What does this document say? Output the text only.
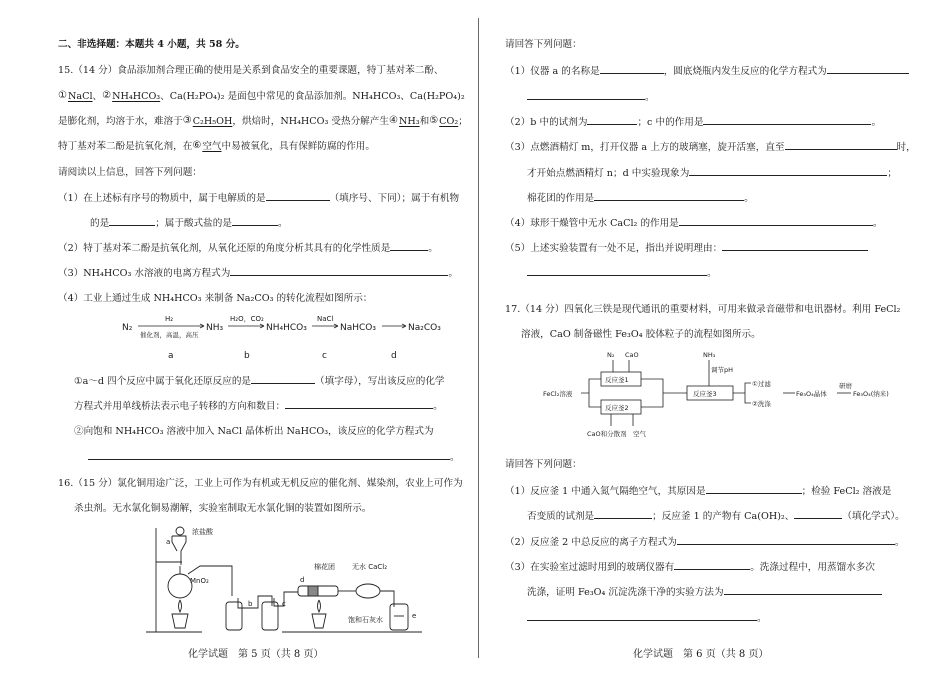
二、非选择题：本题共 4 小题，共 58 分。
15.（14 分）食品添加剂合理正确的使用是关系到食品安全的重要课题，特丁基对苯二酚、
①NaCl、②NH₄HCO₃、Ca(H₂PO₄)₂ 是面包中常见的食品添加剂。NH₄HCO₃、Ca(H₂PO₄)₂
是膨化剂，均溶于水，难溶于③C₂H₅OH，烘焙时，NH₄HCO₃ 受热分解产生④NH₃和⑤CO₂；
特丁基对苯二酚是抗氧化剂，在⑥空气中易被氧化，具有保鲜防腐的作用。
请阅读以上信息，回答下列问题：
（1）在上述标有序号的物质中，属于电解质的是	（填序号、下同）；属于有机物
的是	；属于酸式盐的是	。
（2）特丁基对苯二酚是抗氧化剂，从氧化还原的角度分析其具有的化学性质是	。
（3）NH₄HCO₃ 水溶液的电离方程式为	。
（4）工业上通过生成 NH₄HCO₃ 来制备 Na₂CO₃ 的转化流程如图所示：
N₂
H₂
催化剂，高温，高压
NH₃
H₂O，CO₂
NH₄HCO₃
NaCl
NaHCO₃	Na₂CO₃
a	b	c	d
①a～d 四个反应中属于氧化还原反应的是	（填字母），写出该反应的化学
方程式并用单线桥法表示电子转移的方向和数目：	。
②向饱和 NH₄HCO₃ 溶液中加入 NaCl 晶体析出 NaHCO₃，该反应的化学方程式为
。
16.（15 分）氯化铜用途广泛，工业上可作为有机或无机反应的催化剂、媒染剂，农业上可作为
杀虫剂。无水氯化铜易潮解，实验室制取无水氯化铜的装置如图所示。
浓盐酸
MnO₂
a
棉花团 无水 CaCl₂
b	c
d
e
饱和石灰水
化学试题　第 5 页（共 8 页）
请回答下列问题：
（1）仪器 a 的名称是	，圆底烧瓶内发生反应的化学方程式为
。
（2）b 中的试剂为	；c 中的作用是	。
（3）点燃酒精灯 m，打开仪器 a 上方的玻璃塞，旋开活塞，直至	时，
才开始点燃酒精灯 n；d 中实验现象为	；
棉花团的作用是	。
（4）球形干燥管中无水 CaCl₂ 的作用是	。
（5）上述实验装置有一处不足，指出并说明理由：
。
17.（14 分）四氧化三铁是现代通讯的重要材料，可用来做录音磁带和电讯器材。利用 FeCl₂
溶液，CaO 制备磁性 Fe₃O₄ 胶体粒子的流程如图所示。
N₂ CaO	NH₃
调节pH
反应釜1
反应釜2
反应釜3
FeCl₂溶液
①过滤
②洗涤
Fe₃O₄晶体
研磨
Fe₃O₄(纳米)
CaO和分散剂 空气
请回答下列问题：
（1）反应釜 1 中通入氮气隔绝空气，其原因是	；检验 FeCl₂ 溶液是
否变质的试剂是	；反应釜 1 的产物有 Ca(OH)₂、	（填化学式）。
（2）反应釜 2 中总反应的离子方程式为	。
（3）在实验室过滤时用到的玻璃仪器有	。洗涤过程中，用蒸馏水多次
洗涤，证明 Fe₃O₄ 沉淀洗涤干净的实验方法为
。
化学试题　第 6 页（共 8 页）
